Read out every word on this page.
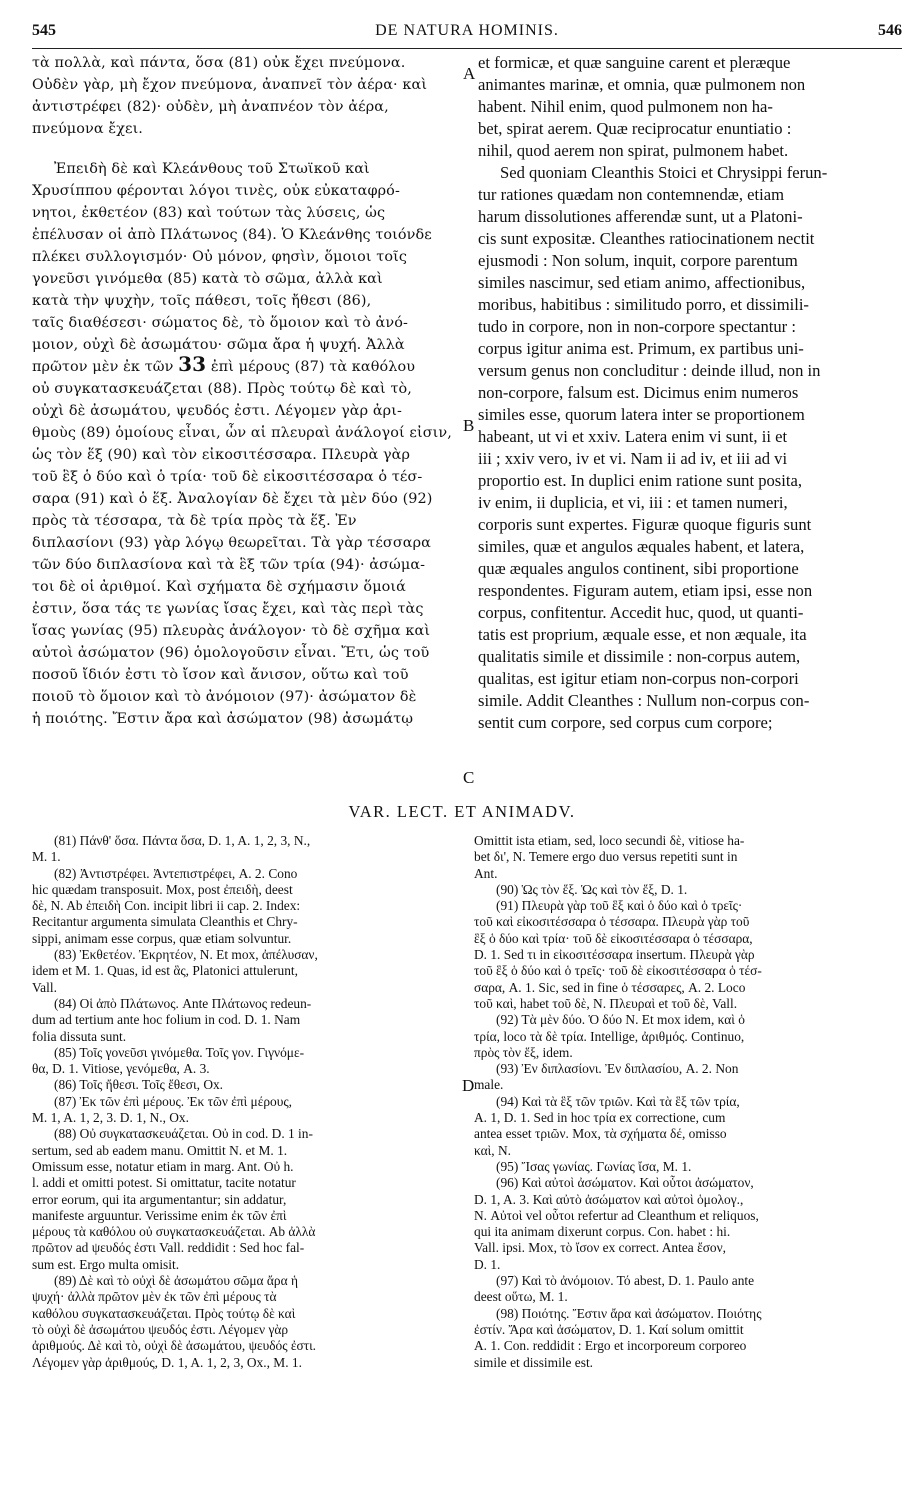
545	DE NATURA HOMINIS.	546
τὰ πολλὰ, καὶ πάντα, ὅσα (81) οὐκ ἔχει πνεύμονα.
Οὐδὲν γὰρ, μὴ ἔχον πνεύμονα, ἀναπνεῖ τὸν ἀέρα· καὶ
ἀντιστρέφει (82)· οὐδὲν, μὴ ἀναπνέον τὸν ἀέρα,
πνεύμονα ἔχει.
Ἐπειδὴ δὲ καὶ Κλεάνθους τοῦ Στωϊκοῦ καὶ
Χρυσίππου φέρονται λόγοι τινὲς, οὐκ εὐκαταφρό-
νητοι, ἐκθετέον (83) καὶ τούτων τὰς λύσεις, ὡς
ἐπέλυσαν οἱ ἀπὸ Πλάτωνος (84). Ὁ Κλεάνθης τοιόνδε
πλέκει συλλογισμόν· Οὐ μόνον, φησὶν, ὅμοιοι τοῖς
γονεῦσι γινόμεθα (85) κατὰ τὸ σῶμα, ἀλλὰ καὶ
κατὰ τὴν ψυχὴν, τοῖς πάθεσι, τοῖς ἤθεσι (86),
ταῖς διαθέσεσι· σώματος δὲ, τὸ ὅμοιον καὶ τὸ ἀνό-
μοιον, οὐχὶ δὲ ἀσωμάτου· σῶμα ἄρα ἡ ψυχή. Ἀλλὰ
πρῶτον μὲν ἐκ τῶν 33 ἐπὶ μέρους (87) τὰ καθόλου
οὐ συγκατασκευάζεται (88). Πρὸς τούτῳ δὲ καὶ τὸ,
οὐχὶ δὲ ἀσωμάτου, ψευδός ἐστι. Λέγομεν γὰρ ἀρι-
θμοὺς (89) ὁμοίους εἶναι, ὧν αἱ πλευραὶ ἀνάλογοί εἰσιν,
ὡς τὸν ἕξ (90) καὶ τὸν εἰκοσιτέσσαρα. Πλευρὰ γὰρ
τοῦ ἓξ ὁ δύο καὶ ὁ τρία· τοῦ δὲ εἰκοσιτέσσαρα ὁ τέσ-
σαρα (91) καὶ ὁ ἕξ. Ἀναλογίαν δὲ ἔχει τὰ μὲν δύο (92)
πρὸς τὰ τέσσαρα, τὰ δὲ τρία πρὸς τὰ ἕξ. Ἐν
διπλασίονι (93) γὰρ λόγῳ θεωρεῖται. Τὰ γὰρ τέσσαρα
τῶν δύο διπλασίονα καὶ τὰ ἓξ τῶν τρία (94)· ἀσώμα-
τοι δὲ οἱ ἀριθμοί. Καὶ σχήματα δὲ σχήμασιν ὅμοιά
ἐστιν, ὅσα τάς τε γωνίας ἴσας ἔχει, καὶ τὰς περὶ τὰς
ἴσας γωνίας (95) πλευρὰς ἀνάλογον· τὸ δὲ σχῆμα καὶ
αὐτοὶ ἀσώματον (96) ὁμολογοῦσιν εἶναι. Ἔτι, ὡς τοῦ
ποσοῦ ἴδιόν ἐστι τὸ ἴσον καὶ ἄνισον, οὕτω καὶ τοῦ
ποιοῦ τὸ ὅμοιον καὶ τὸ ἀνόμοιον (97)· ἀσώματον δὲ
ἡ ποιότης. Ἔστιν ἄρα καὶ ἀσώματον (98) ἀσωμάτῳ
et formicæ, et quæ sanguine carent et pleræque
animantes marinæ, et omnia, quæ pulmonem non
habent. Nihil enim, quod pulmonem non ha-
bet, spirat aerem. Quæ reciprocatur enuntiatio :
nihil, quod aerem non spirat, pulmonem habet.
Sed quoniam Cleanthis Stoici et Chrysippi ferun-
tur rationes quædam non contemnendæ, etiam
harum dissolutiones afferendæ sunt, ut a Platoni-
cis sunt expositæ. Cleanthes ratiocinationem nectit
ejusmodi : Non solum, inquit, corpore parentum
similes nascimur, sed etiam animo, affectionibus,
moribus, habitibus : similitudo porro, et dissimili-
tudo in corpore, non in non-corpore spectantur :
corpus igitur anima est. Primum, ex partibus uni-
versum genus non concluditur : deinde illud, non in
non-corpore, falsum est. Dicimus enim numeros
similes esse, quorum latera inter se proportionem
habeant, ut vi et xxiv. Latera enim vi sunt, ii et
iii ; xxiv vero, iv et vi. Nam ii ad iv, et iii ad vi
proportio est. In duplici enim ratione sunt posita,
iv enim, ii duplicia, et vi, iii : et tamen numeri,
corporis sunt expertes. Figuræ quoque figuris sunt
similes, quæ et angulos æquales habent, et latera,
quæ æquales angulos continent, sibi proportione
respondentes. Figuram autem, etiam ipsi, esse non
corpus, confitentur. Accedit huc, quod, ut quanti-
tatis est proprium, æquale esse, et non æquale, ita
qualitatis simile et dissimile : non-corpus autem,
qualitas, est igitur etiam non-corpus non-corpori
simile. Addit Cleanthes : Nullum non-corpus con-
sentit cum corpore, sed corpus cum corpore;
A
B
C
D
VAR. LECT. ET ANIMADV.
(81) Πάνθ' ὅσα. Πάντα ὅσα, D. 1, A. 1, 2, 3, N.,
M. 1.
(82) Ἀντιστρέφει. Ἀντεπιστρέφει, A. 2. Cono
hic quædam transposuit. Mox, post ἐπειδὴ, deest
δὲ, N. Ab ἐπειδὴ Con. incipit libri ii cap. 2. Index:
Recitantur argumenta simulata Cleanthis et Chry-
sippi, animam esse corpus, quæ etiam solvuntur.
(83) Ἐκθετέον. Ἐκρητέον, N. Et mox, ἀπέλυσαν,
idem et M. 1. Quas, id est ἃς, Platonici attulerunt,
Vall.
(84) Οἱ ἀπὸ Πλάτωνος. Ante Πλάτωνος redeun-
dum ad tertium ante hoc folium in cod. D. 1. Nam
folia dissuta sunt.
(85) Τοῖς γονεῦσι γινόμεθα. Τοῖς γον. Γιγνόμε-
θα, D. 1. Vitiose, γενόμεθα, A. 3.
(86) Τοῖς ἤθεσι. Τοῖς ἔθεσι, Ox.
(87) Ἐκ τῶν ἐπὶ μέρους. Ἐκ τῶν ἐπὶ μέρους,
M. 1, A. 1, 2, 3. D. 1, N., Ox.
(88) Οὐ συγκατασκευάζεται. Οὐ in cod. D. 1 in-
sertum, sed ab eadem manu. Omittit N. et M. 1.
Omissum esse, notatur etiam in marg. Ant. Οὐ h.
l. addi et omitti potest. Si omittatur, tacite notatur
error eorum, qui ita argumentantur; sin addatur,
manifeste arguuntur. Verissime enim ἐκ τῶν ἐπὶ
μέρους τὰ καθόλου οὐ συγκατασκευάζεται. Ab ἀλλὰ
πρῶτον ad ψευδός ἐστι Vall. reddidit : Sed hoc fal-
sum est. Ergo multa omisit.
(89) Δὲ καὶ τὸ οὐχὶ δὲ ἀσωμάτου σῶμα ἄρα ἡ
ψυχή· ἀλλὰ πρῶτον μὲν ἐκ τῶν ἐπὶ μέρους τὰ
καθόλου συγκατασκευάζεται. Πρὸς τούτῳ δὲ καὶ
τὸ οὐχὶ δὲ ἀσωμάτου ψευδός ἐστι. Λέγομεν γὰρ
ἀριθμούς. Δὲ καὶ τὸ, οὐχὶ δὲ ἀσωμάτου, ψευδός ἐστι.
Λέγομεν γὰρ ἀριθμούς, D. 1, A. 1, 2, 3, Ox., M. 1.
Omittit ista etiam, sed, loco secundi δὲ, vitiose ha-
bet δι', N. Temere ergo duo versus repetiti sunt in
Ant.
(90) Ὡς τὸν ἕξ. Ὡς καὶ τὸν ἕξ, D. 1.
(91) Πλευρὰ γὰρ τοῦ ἓξ καὶ ὁ δύο καὶ ὁ τρεῖς·
τοῦ καὶ εἰκοσιτέσσαρα ὁ τέσσαρα. Πλευρὰ γὰρ τοῦ
ἓξ ὁ δύο καὶ τρία· τοῦ δὲ εἰκοσιτέσσαρα ὁ τέσσαρα,
D. 1. Sed τι in εἰκοσιτέσσαρα insertum. Πλευρὰ γὰρ
τοῦ ἓξ ὁ δύο καὶ ὁ τρεῖς· τοῦ δὲ εἰκοσιτέσσαρα ὁ τέσ-
σαρα, A. 1. Sic, sed in fine ὁ τέσσαρες, A. 2. Loco
τοῦ καὶ, habet τοῦ δὲ, N. Πλευραὶ et τοῦ δὲ, Vall.
(92) Τὰ μὲν δύο. Ὁ δύο N. Et mox idem, καὶ ὁ
τρία, loco τὰ δὲ τρία. Intellige, ἀριθμός. Continuo,
πρὸς τὸν ἕξ, idem.
(93) Ἐν διπλασίονι. Ἐν διπλασίου, A. 2. Non
male.
(94) Καὶ τὰ ἓξ τῶν τριῶν. Καὶ τὰ ἓξ τῶν τρία,
A. 1, D. 1. Sed in hoc τρία ex correctione, cum
antea esset τριῶν. Mox, τὰ σχήματα δέ, omisso
καὶ, N.
(95) Ἴσας γωνίας. Γωνίας ἴσα, M. 1.
(96) Καὶ αὐτοὶ ἀσώματον. Καὶ οὗτοι ἀσώματον,
D. 1, A. 3. Καὶ αὐτὸ ἀσώματον καὶ αὐτοὶ ὁμολογ.,
N. Αὐτοὶ vel οὗτοι refertur ad Cleanthum et reliquos,
qui ita animam dixerunt corpus. Con. habet : hi.
Vall. ipsi. Mox, τὸ ἴσον ex correct. Antea ἔσον,
D. 1.
(97) Καὶ τὸ ἀνόμοιον. Τό abest, D. 1. Paulo ante
deest οὕτω, M. 1.
(98) Ποιότης. Ἔστιν ἄρα καὶ ἀσώματον. Ποιότης
ἐστίν. Ἄρα καὶ ἀσώματον, D. 1. Καί solum omittit
A. 1. Con. reddidit : Ergo et incorporeum corporeo
simile et dissimile est.
